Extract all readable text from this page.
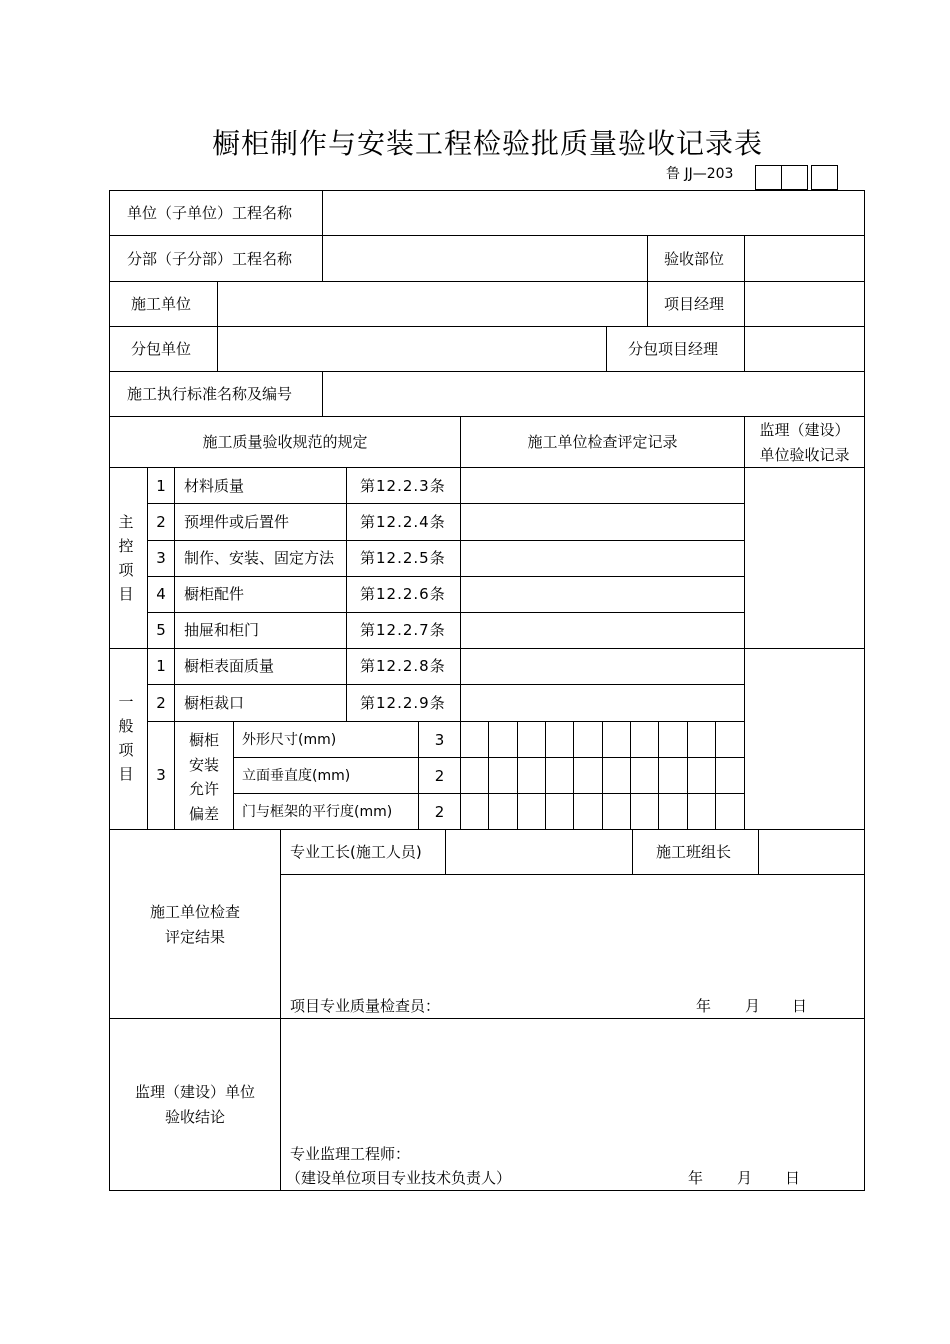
橱柜制作与安装工程检验批质量验收记录表
鲁 JJ—203
单位（子单位）工程名称
分部（子分部）工程名称	验收部位
施工单位	项目经理
分包单位	分包项目经理
施工执行标准名称及编号
施工质量验收规范的规定	施工单位检查评定记录
监理（建设）
单位验收记录
主
控
项
目
1	材料质量	第12.2.3条
2	预埋件或后置件	第12.2.4条
3	制作、安装、固定方法 第12.2.5条
4	橱柜配件	第12.2.6条
5	抽屉和柜门	第12.2.7条
一
般
项
目
1	橱柜表面质量	第12.2.8条
2	橱柜裁口	第12.2.9条
3
橱柜
安装
允许
偏差
外形尺寸(mm)	3
立面垂直度(mm)	2
门与框架的平行度(mm)	2
施工单位检查
评定结果
专业工长(施工人员)	施工班组长
项目专业质量检查员：	年 月 日
监理（建设）单位
验收结论
专业监理工程师：
（建设单位项目专业技术负责人）	年 月 日
